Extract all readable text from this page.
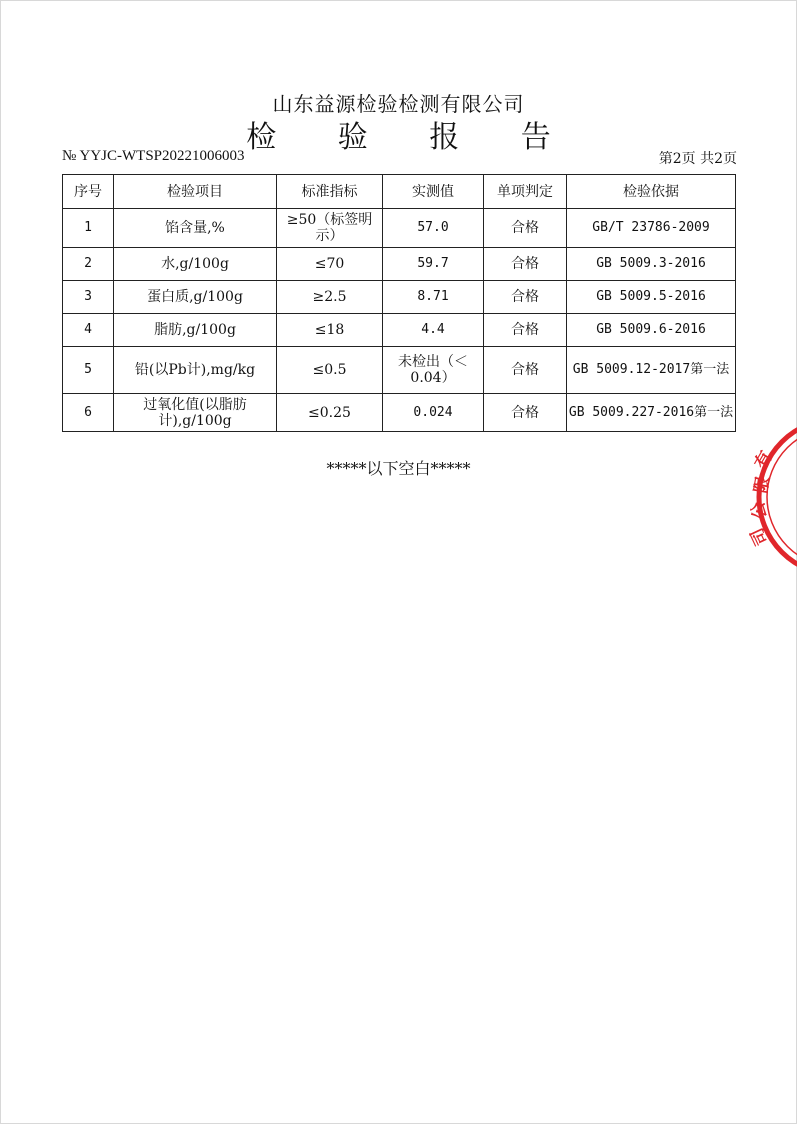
山东益源检验检测有限公司
检 验 报 告
№ YYJC-WTSP20221006003	第2页 共2页
序号	检验项目	标准指标	实测值	单项判定	检验依据
1	馅含量,%	≥50（标签明示）	57.0	合格	GB/T 23786-2009
2	水,g/100g	≤70	59.7	合格	GB 5009.3-2016
3	蛋白质,g/100g	≥2.5	8.71	合格	GB 5009.5-2016
4	脂肪,g/100g	≤18	4.4	合格	GB 5009.6-2016
5	铅(以Pb计),mg/kg	≤0.5	未检出（＜0.04）	合格	GB 5009.12-2017第一法
6	过氧化值(以脂肪计),g/100g	≤0.25	0.024	合格	GB 5009.227-2016第一法
*****以下空白*****	有
限
公
司
